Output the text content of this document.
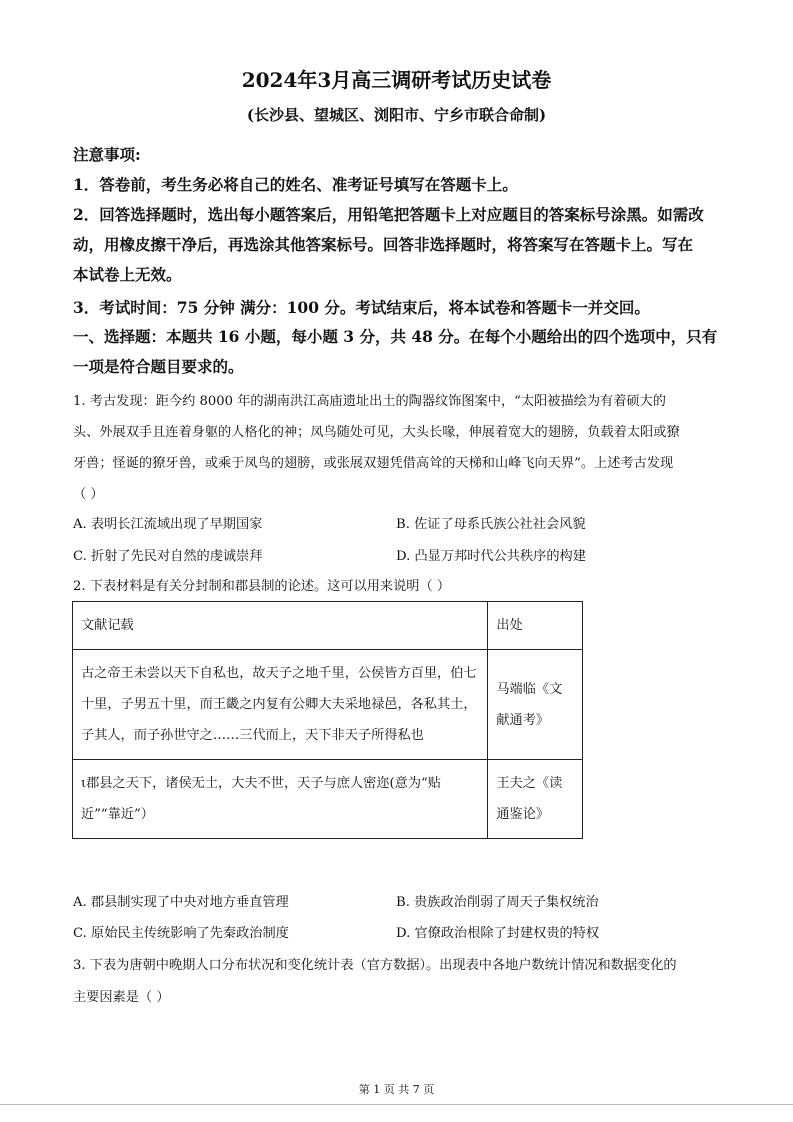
2024年3月高三调研考试历史试卷
(长沙县、望城区、浏阳市、宁乡市联合命制)
注意事项:
1．答卷前，考生务必将自己的姓名、准考证号填写在答题卡上。
2．回答选择题时，选出每小题答案后，用铅笔把答题卡上对应题目的答案标号涂黑。如需改
动，用橡皮擦干净后，再选涂其他答案标号。回答非选择题时，将答案写在答题卡上。写在
本试卷上无效。
3．考试时间：75 分钟 满分：100 分。考试结束后，将本试卷和答题卡一并交回。
一、选择题：本题共 16 小题，每小题 3 分，共 48 分。在每个小题给出的四个选项中，只有
一项是符合题目要求的。
1. 考古发现：距今约 8000 年的湖南洪江高庙遗址出土的陶器纹饰图案中，“太阳被描绘为有着硕大的
头、外展双手且连着身躯的人格化的神；凤鸟随处可见，大头长喙，伸展着宽大的翅膀，负载着太阳或獠
牙兽；怪诞的獠牙兽，或乘于凤鸟的翅膀，或张展双翅凭借高耸的天梯和山峰飞向天界”。上述考古发现
（ ）
A. 表明长江流域出现了早期国家	B. 佐证了母系氏族公社社会风貌
C. 折射了先民对自然的虔诚崇拜	D. 凸显万邦时代公共秩序的构建
2. 下表材料是有关分封制和郡县制的论述。这可以用来说明（ ）
文献记载	出处
古之帝王未尝以天下自私也，故天子之地千里，公侯皆方百里，伯七十里，子男五十里，而王畿之内复有公卿大夫采地禄邑，各私其土，子其人，而子孙世守之……三代而上，天下非天子所得私也	马端临《文献通考》
ι郡县之天下，诸侯无土，大夫不世，天子与庶人密迩(意为“贴近”“靠近”）	王夫之《读通鉴论》
A. 郡县制实现了中央对地方垂直管理	B. 贵族政治削弱了周天子集权统治
C. 原始民主传统影响了先秦政治制度	D. 官僚政治根除了封建权贵的特权
3. 下表为唐朝中晚期人口分布状况和变化统计表（官方数据）。出现表中各地户数统计情况和数据变化的
主要因素是（ ）
第 1 页 共 7 页
